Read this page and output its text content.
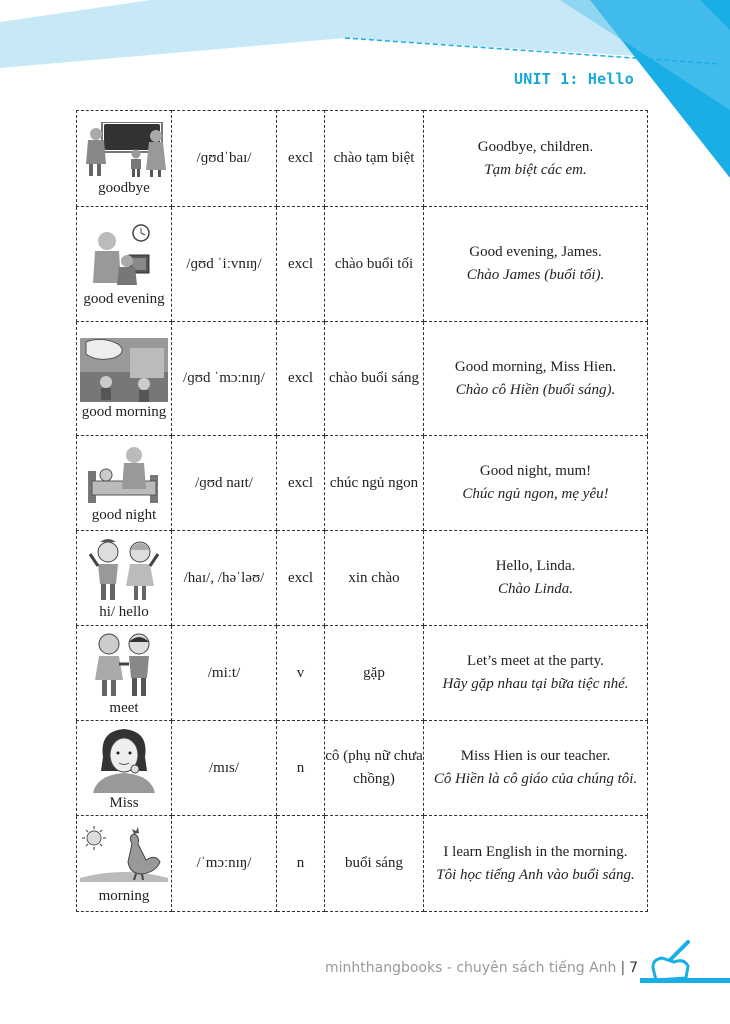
UNIT 1: Hello
goodbye	/ɡʊdˈbaɪ/	excl	chào tạm biệt	Goodbye, children.
Tạm biệt các em.

good evening	/ɡʊd ˈiːvnɪŋ/	excl	chào buổi tối	Good evening, James.
Chào James (buổi tối).

good morning	/ɡʊd ˈmɔːnɪŋ/	excl	chào buổi sáng	Good morning, Miss Hien.
Chào cô Hiền (buổi sáng).

good night	/ɡʊd naɪt/	excl	chúc ngủ ngon	Good night, mum!
Chúc ngủ ngon, mẹ yêu!

hi/ hello	/haɪ/, /həˈləʊ/	excl	xin chào	Hello, Linda.
Chào Linda.

meet	/miːt/	v	gặp	Let’s meet at the party.
Hãy gặp nhau tại bữa tiệc nhé.

Miss	/mɪs/	n	cô (phụ nữ chưa chồng)	Miss Hien is our teacher.
Cô Hiền là cô giáo của chúng tôi.

morning	/ˈmɔːnɪŋ/	n	buổi sáng	I learn English in the morning.
Tôi học tiếng Anh vào buổi sáng.
minhthangbooks - chuyên sách tiếng Anh | 7
